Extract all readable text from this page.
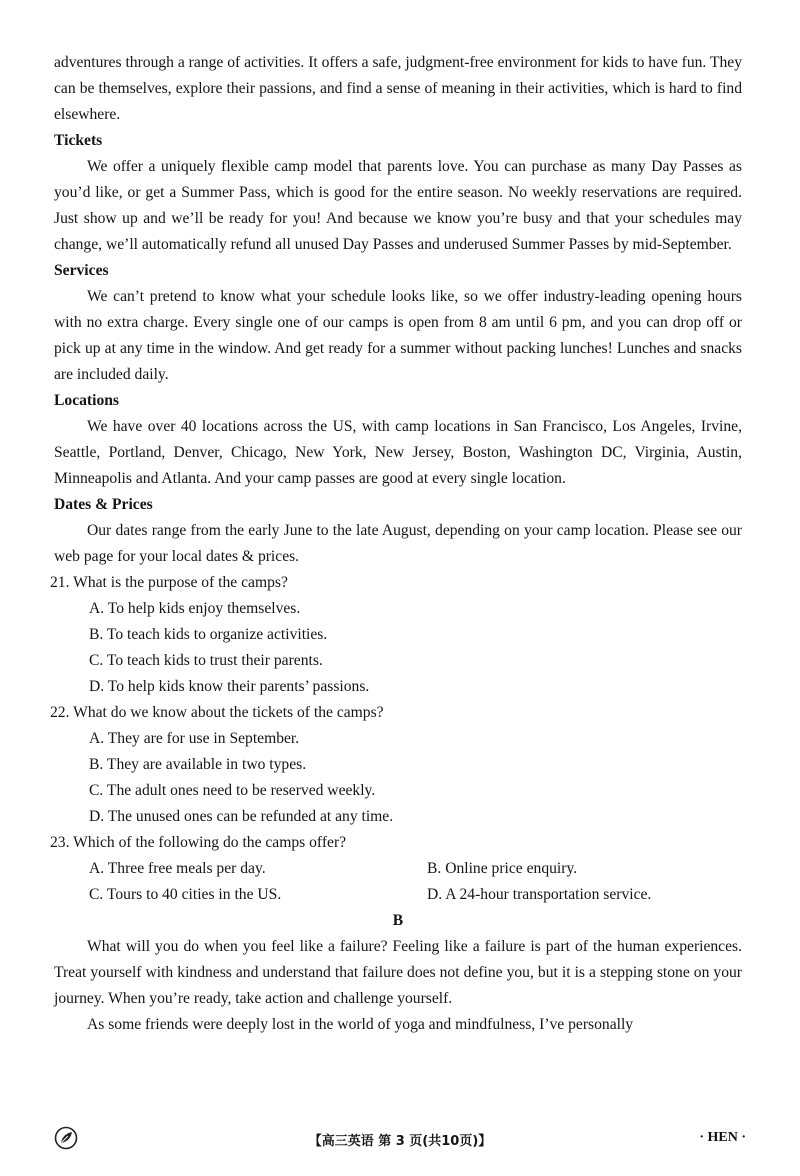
adventures through a range of activities. It offers a safe, judgment-free environment for kids to have fun. They can be themselves, explore their passions, and find a sense of meaning in their activities, which is hard to find elsewhere.

Tickets

We offer a uniquely flexible camp model that parents love. You can purchase as many Day Passes as you’d like, or get a Summer Pass, which is good for the entire season. No weekly reservations are required. Just show up and we’ll be ready for you! And because we know you’re busy and that your schedules may change, we’ll automatically refund all unused Day Passes and underused Summer Passes by mid-September.

Services

We can’t pretend to know what your schedule looks like, so we offer industry-leading opening hours with no extra charge. Every single one of our camps is open from 8 am until 6 pm, and you can drop off or pick up at any time in the window. And get ready for a summer without packing lunches! Lunches and snacks are included daily.

Locations

We have over 40 locations across the US, with camp locations in San Francisco, Los Angeles, Irvine, Seattle, Portland, Denver, Chicago, New York, New Jersey, Boston, Washington DC, Virginia, Austin, Minneapolis and Atlanta. And your camp passes are good at every single location.

Dates & Prices

Our dates range from the early June to the late August, depending on your camp location. Please see our web page for your local dates & prices.

21. What is the purpose of the camps?

A. To help kids enjoy themselves.

B. To teach kids to organize activities.

C. To teach kids to trust their parents.

D. To help kids know their parents’ passions.

22. What do we know about the tickets of the camps?

A. They are for use in September.

B. They are available in two types.

C. The adult ones need to be reserved weekly.

D. The unused ones can be refunded at any time.

23. Which of the following do the camps offer?

A. Three free meals per day.	B. Online price enquiry.
C. Tours to 40 cities in the US.	D. A 24-hour transportation service.

B

What will you do when you feel like a failure? Feeling like a failure is part of the human experiences. Treat yourself with kindness and understand that failure does not define you, but it is a stepping stone on your journey. When you’re ready, take action and challenge yourself.

As some friends were deeply lost in the world of yoga and mindfulness, I’ve personally

【高三英语 第 3 页(共10页)】	· HEN ·
